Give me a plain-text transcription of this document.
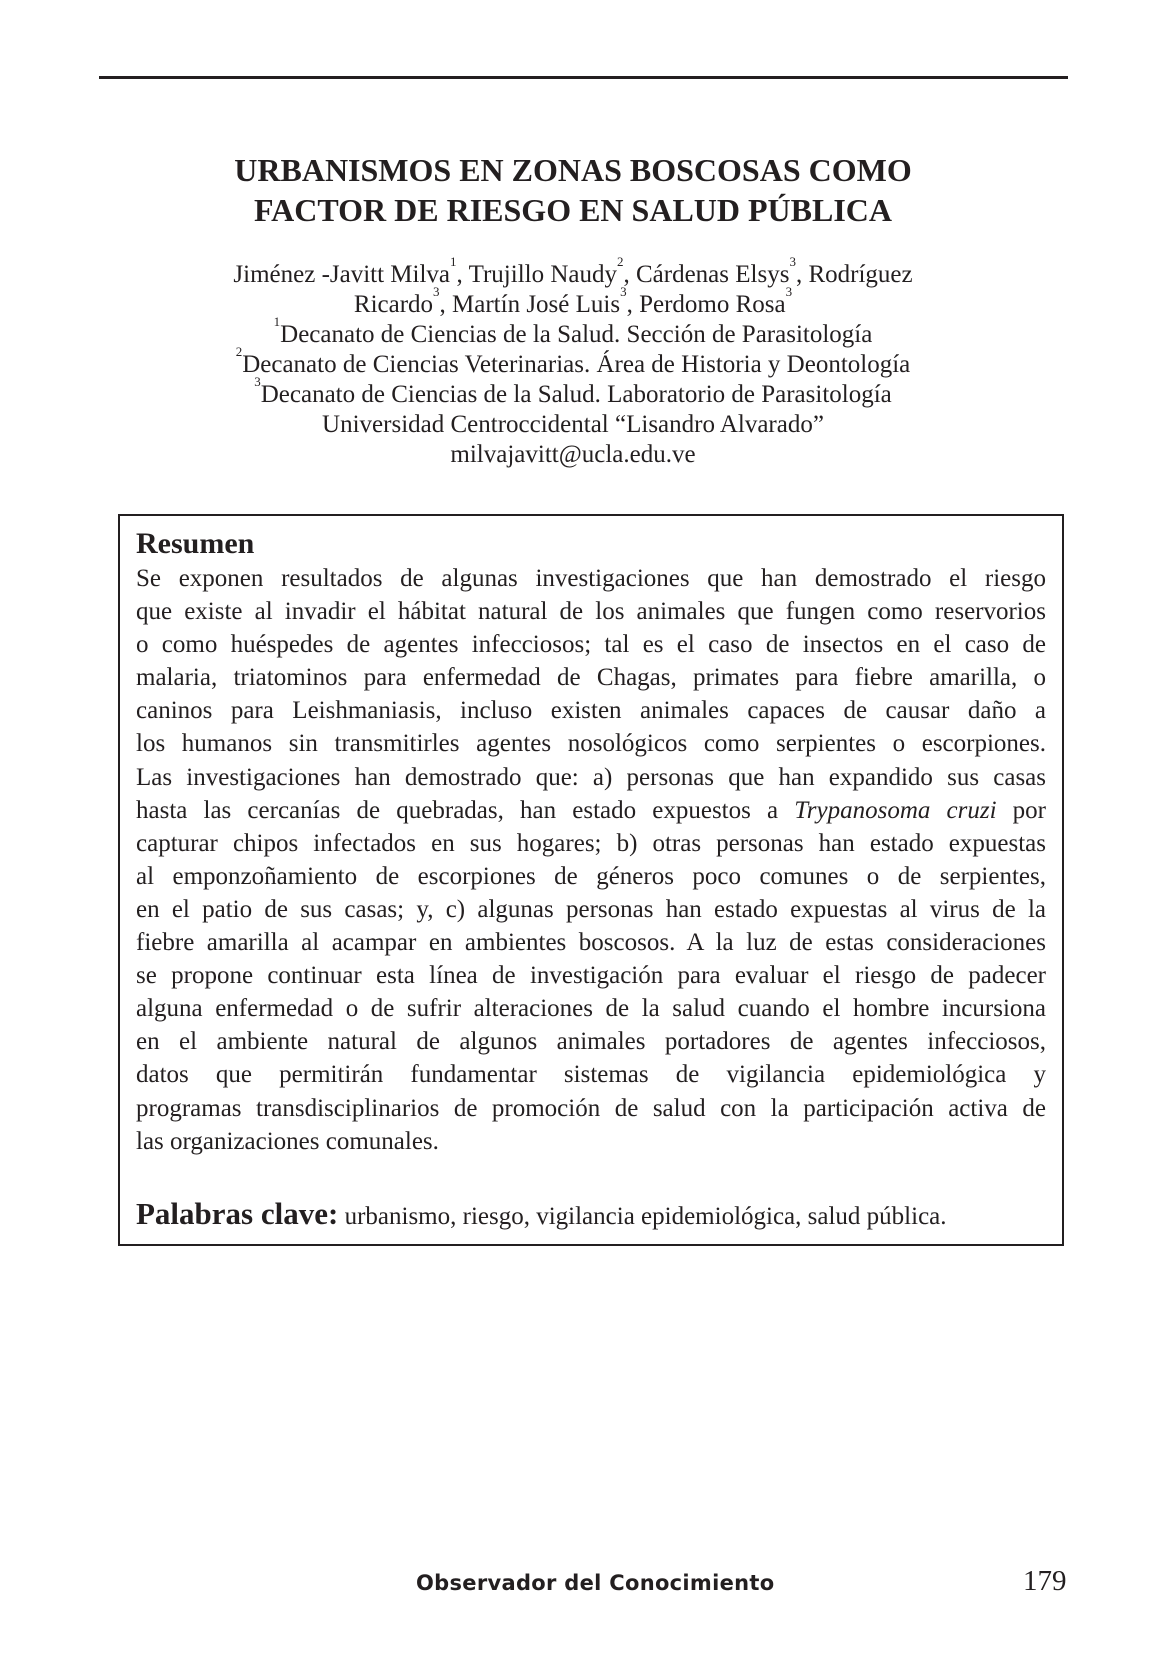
URBANISMOS EN ZONAS BOSCOSAS COMO
FACTOR DE RIESGO EN SALUD PÚBLICA
Jiménez -Javitt Milva$^1$, Trujillo Naudy$^2$, Cárdenas Elsys$^3$, Rodríguez
Ricardo$^3$, Martín José Luis$^3$, Perdomo Rosa$^3$
$^1$Decanato de Ciencias de la Salud. Sección de Parasitología
$^2$Decanato de Ciencias Veterinarias. Área de Historia y Deontología
$^3$Decanato de Ciencias de la Salud. Laboratorio de Parasitología
Universidad Centroccidental “Lisandro Alvarado”
milvajavitt@ucla.edu.ve
Resumen
Se exponen resultados de algunas investigaciones que han demostrado el riesgo
que existe al invadir el hábitat natural de los animales que fungen como reservorios
o como huéspedes de agentes infecciosos; tal es el caso de insectos en el caso de
malaria, triatominos para enfermedad de Chagas, primates para fiebre amarilla, o
caninos para Leishmaniasis, incluso existen animales capaces de causar daño a
los humanos sin transmitirles agentes nosológicos como serpientes o escorpiones.
Las investigaciones han demostrado que: a) personas que han expandido sus casas
hasta las cercanías de quebradas, han estado expuestos a Trypanosoma cruzi por
capturar chipos infectados en sus hogares; b) otras personas han estado expuestas
al emponzoñamiento de escorpiones de géneros poco comunes o de serpientes,
en el patio de sus casas; y, c) algunas personas han estado expuestas al virus de la
fiebre amarilla al acampar en ambientes boscosos. A la luz de estas consideraciones
se propone continuar esta línea de investigación para evaluar el riesgo de padecer
alguna enfermedad o de sufrir alteraciones de la salud cuando el hombre incursiona
en el ambiente natural de algunos animales portadores de agentes infecciosos,
datos que permitirán fundamentar sistemas de vigilancia epidemiológica y
programas transdisciplinarios de promoción de salud con la participación activa de
las organizaciones comunales.
Palabras clave: urbanismo, riesgo, vigilancia epidemiológica, salud pública.
Observador del Conocimiento	179
